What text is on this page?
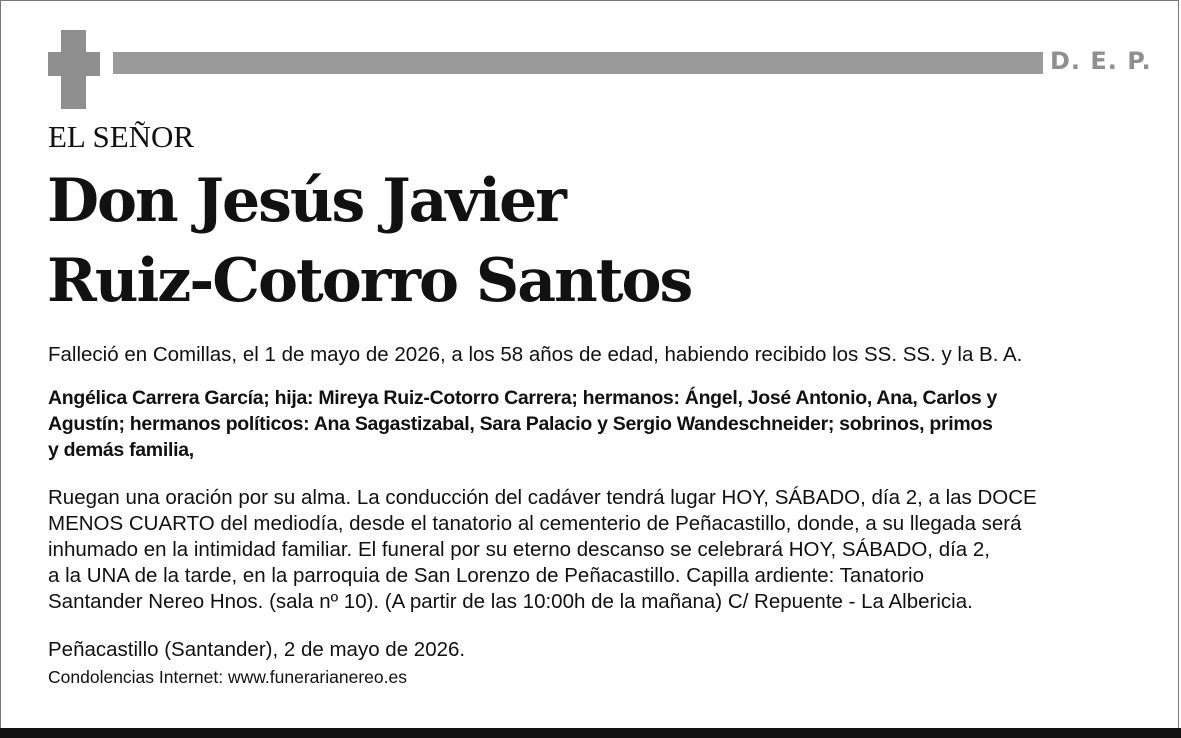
D. E. P.
EL SEÑOR
Don Jesús Javier
Ruiz-Cotorro Santos
Falleció en Comillas, el 1 de mayo de 2026, a los 58 años de edad, habiendo recibido los SS. SS. y la B. A.
Angélica Carrera García; hija: Mireya Ruiz-Cotorro Carrera; hermanos: Ángel, José Antonio, Ana, Carlos y
Agustín; hermanos políticos: Ana Sagastizabal, Sara Palacio y Sergio Wandeschneider; sobrinos, primos
y demás familia,
Ruegan una oración por su alma. La conducción del cadáver tendrá lugar HOY, SÁBADO, día 2, a las DOCE
MENOS CUARTO del mediodía, desde el tanatorio al cementerio de Peñacastillo, donde, a su llegada será
inhumado en la intimidad familiar. El funeral por su eterno descanso se celebrará HOY, SÁBADO, día 2,
a la UNA de la tarde, en la parroquia de San Lorenzo de Peñacastillo. Capilla ardiente: Tanatorio
Santander Nereo Hnos. (sala nº 10). (A partir de las 10:00h de la mañana) C/ Repuente - La Albericia.
Peñacastillo (Santander), 2 de mayo de 2026.
Condolencias Internet: www.funerarianereo.es
